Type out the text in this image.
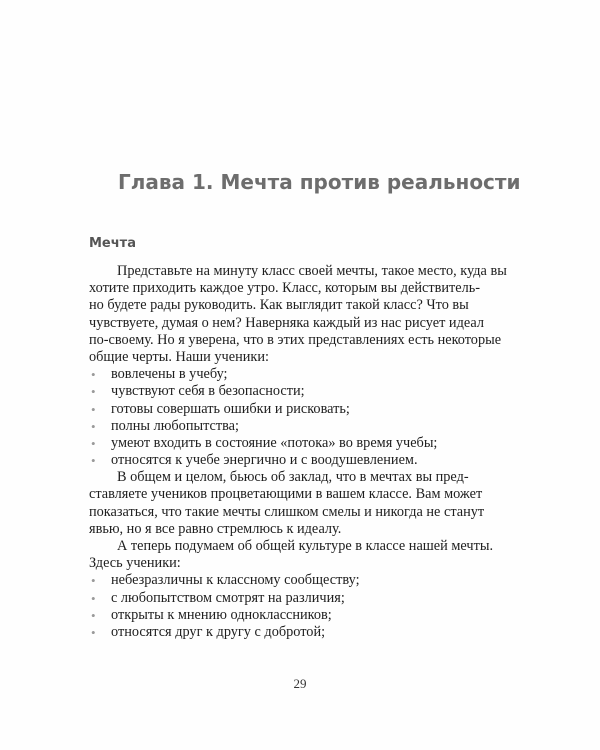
Глава 1. Мечта против реальности
Мечта
Представьте на минуту класс своей мечты, такое место, куда вы
хотите приходить каждое утро. Класс, которым вы действитель-
но будете рады руководить. Как выглядит такой класс? Что вы
чувствуете, думая о нем? Наверняка каждый из нас рисует идеал
по-своему. Но я уверена, что в этих представлениях есть некоторые
общие черты. Наши ученики:
• вовлечены в учебу;
• чувствуют себя в безопасности;
• готовы совершать ошибки и рисковать;
• полны любопытства;
• умеют входить в состояние «потока» во время учебы;
• относятся к учебе энергично и с воодушевлением.
В общем и целом, бьюсь об заклад, что в мечтах вы пред-
ставляете учеников процветающими в вашем классе. Вам может
показаться, что такие мечты слишком смелы и никогда не станут
явью, но я все равно стремлюсь к идеалу.
А теперь подумаем об общей культуре в классе нашей мечты.
Здесь ученики:
• небезразличны к классному сообществу;
• с любопытством смотрят на различия;
• открыты к мнению одноклассников;
• относятся друг к другу с добротой;
29
